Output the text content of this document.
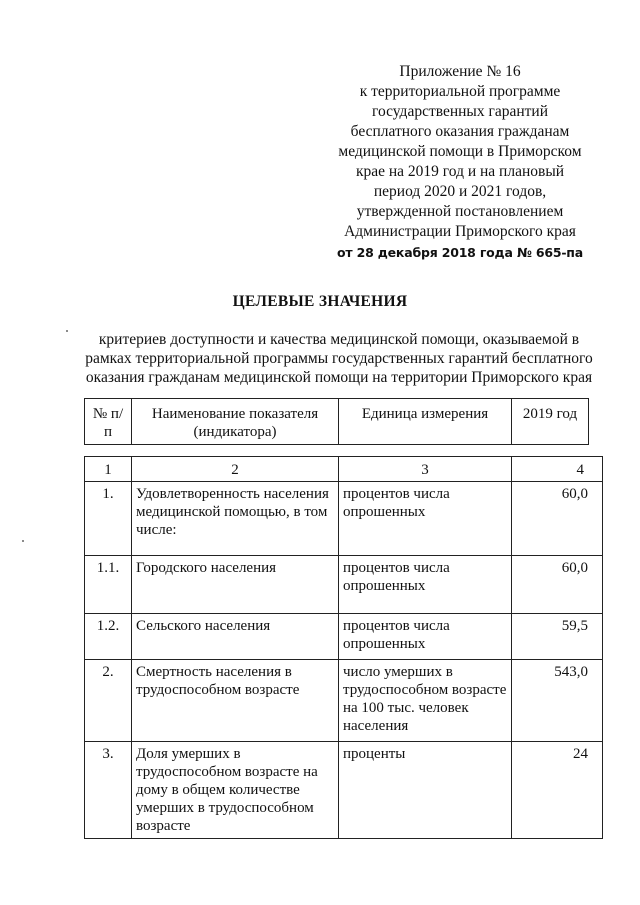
Приложение № 16
к территориальной программе
государственных гарантий
бесплатного оказания гражданам
медицинской помощи в Приморском
крае на 2019 год и на плановый
период 2020 и 2021 годов,
утвержденной постановлением
Администрации Приморского края
от 28 декабря 2018 года № 665-па
ЦЕЛЕВЫЕ ЗНАЧЕНИЯ
критериев доступности и качества медицинской помощи, оказываемой в рамках территориальной программы государственных гарантий бесплатного оказания гражданам медицинской помощи на территории Приморского края
№ п/п	Наименование показателя (индикатора)	Единица измерения	2019 год
1	2	3	4
1.	Удовлетворенность населения медицинской помощью, в том числе:	процентов числа опрошенных	60,0
1.1.	Городского населения	процентов числа опрошенных	60,0
1.2.	Сельского населения	процентов числа опрошенных	59,5
2.	Смертность населения в трудоспособном возрасте	число умерших в трудоспособном возрасте на 100 тыс. человек населения	543,0
3.	Доля умерших в трудоспособном возрасте на дому в общем количестве умерших в трудоспособном возрасте	проценты	24
